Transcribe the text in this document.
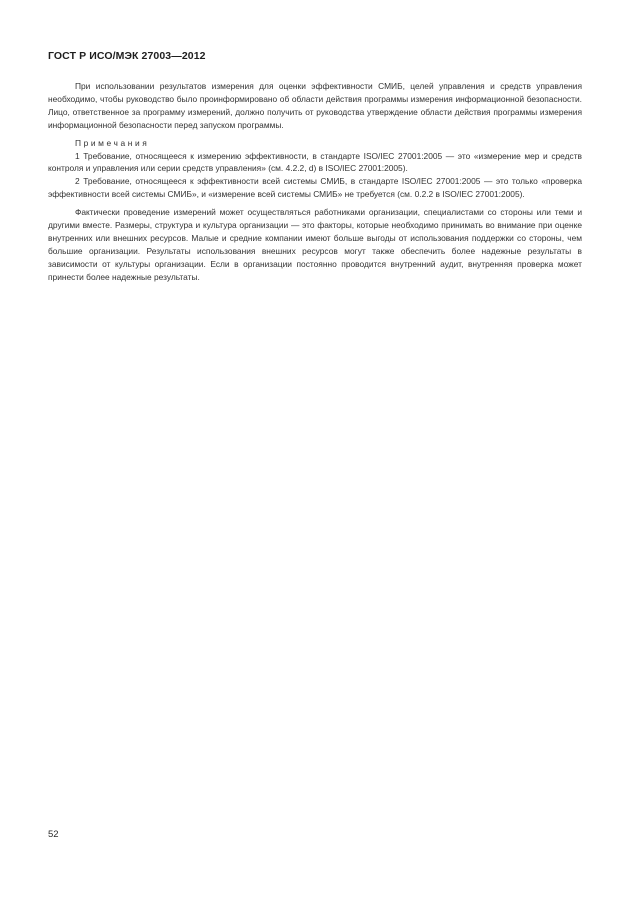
ГОСТ Р ИСО/МЭК 27003—2012

При использовании результатов измерения для оценки эффективности СМИБ, целей управления и средств управления необходимо, чтобы руководство было проинформировано об области действия программы измерения информационной безопасности. Лицо, ответственное за программу измерений, должно получить от руководства утверждение области действия программы измерения информационной безопасности перед запуском программы.

Примечания

1 Требование, относящееся к измерению эффективности, в стандарте ISO/IEC 27001:2005 — это «измерение мер и средств контроля и управления или серии средств управления» (см. 4.2.2, d) в ISO/IEC 27001:2005).

2 Требование, относящееся к эффективности всей системы СМИБ, в стандарте ISO/IEC 27001:2005 — это только «проверка эффективности всей системы СМИБ», и «измерение всей системы СМИБ» не требуется (см. 0.2.2 в ISO/IEC 27001:2005).

Фактически проведение измерений может осуществляться работниками организации, специалистами со стороны или теми и другими вместе. Размеры, структура и культура организации — это факторы, которые необходимо принимать во внимание при оценке внутренних или внешних ресурсов. Малые и средние компании имеют больше выгоды от использования поддержки со стороны, чем большие организации. Результаты использования внешних ресурсов могут также обеспечить более надежные результаты в зависимости от культуры организации. Если в организации постоянно проводится внутренний аудит, внутренняя проверка может принести более надежные результаты.

52
